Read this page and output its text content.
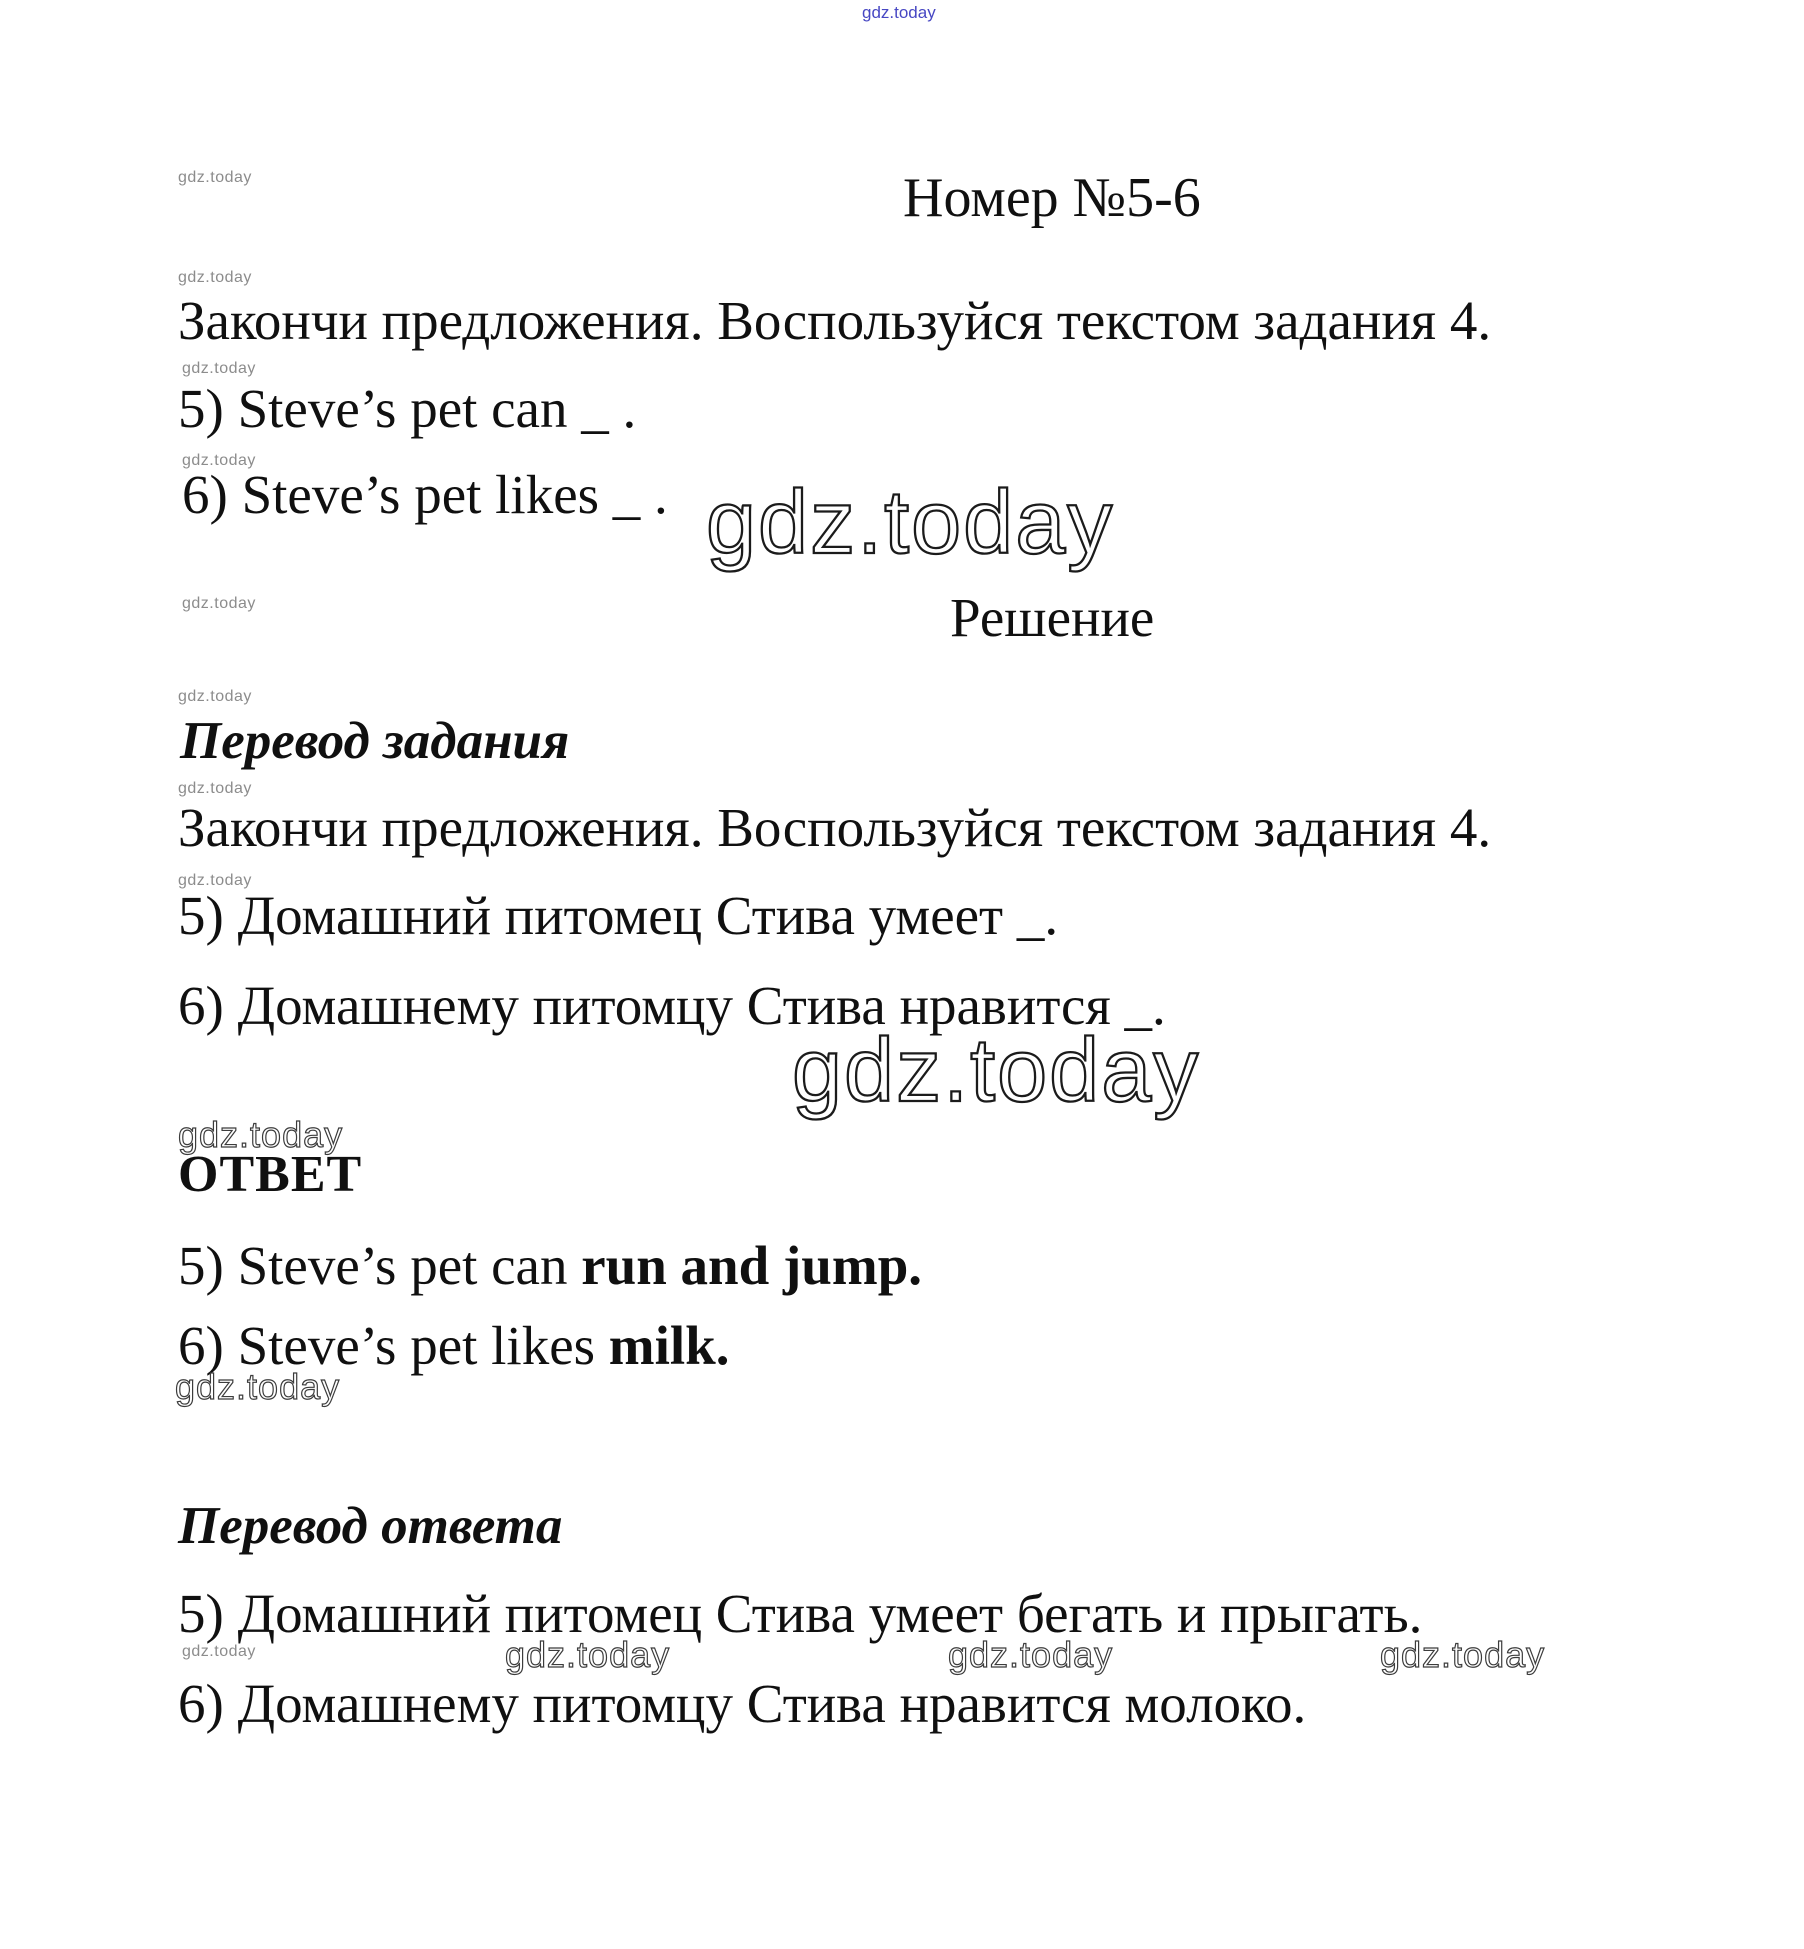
gdz.today
gdz.today	Номер №5-6
gdz.today
Закончи предложения. Воспользуйся текстом задания 4.
gdz.today
5) Steve’s pet can _ .
gdz.today
6) Steve’s pet likes _ . gdz.today
gdz.today	Решение
gdz.today
Перевод задания
gdz.today
Закончи предложения. Воспользуйся текстом задания 4.
gdz.today
5) Домашний питомец Стива умеет _.
6) Домашнему питомцу Стива нравится _.
gdz.today
gdz.today
ОТВЕТ
5) Steve’s pet can run and jump.
6) Steve’s pet likes milk.
gdz.today
Перевод ответа
5) Домашний питомец Стива умеет бегать и прыгать.
gdz.today	gdz.today	gdz.today	gdz.today
6) Домашнему питомцу Стива нравится молоко.
